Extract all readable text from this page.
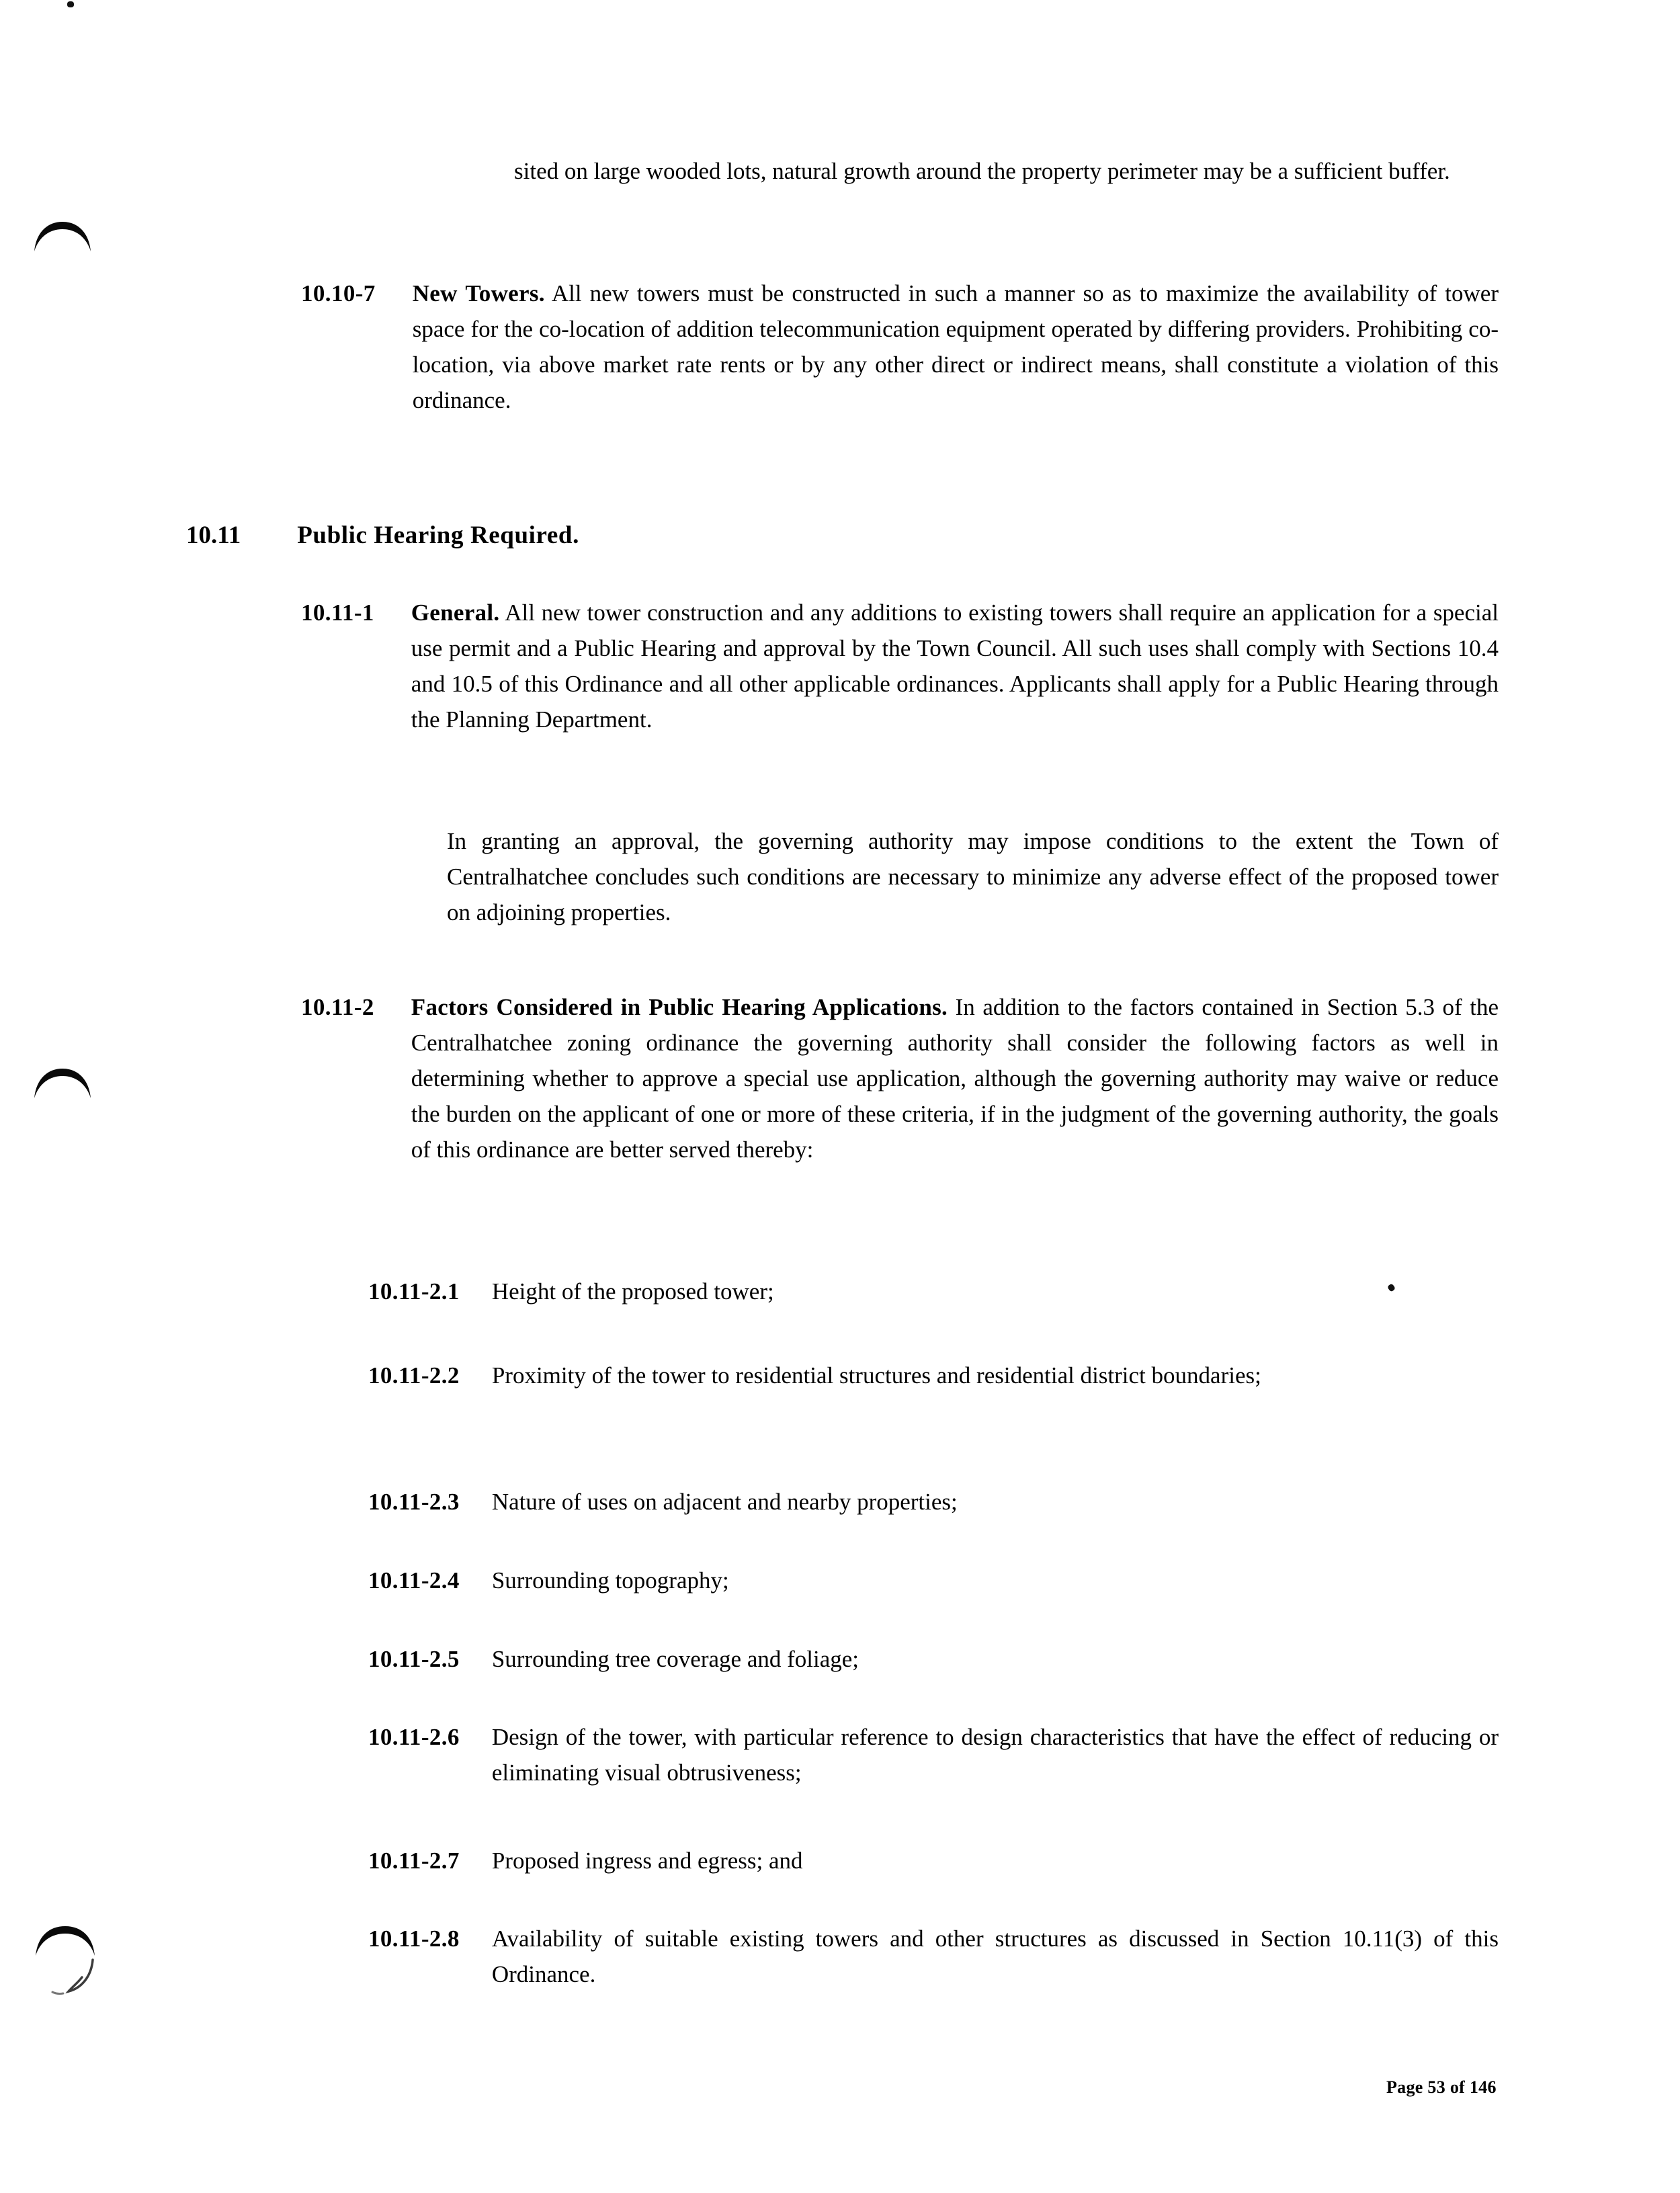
sited on large wooded lots, natural growth around the property perimeter may be a sufficient buffer.
10.10-7 New Towers. All new towers must be constructed in such a manner so as to maximize the availability of tower space for the co-location of addition telecommunication equipment operated by differing providers. Prohibiting co-location, via above market rate rents or by any other direct or indirect means, shall constitute a violation of this ordinance.
10.11 Public Hearing Required.
10.11-1 General. All new tower construction and any additions to existing towers shall require an application for a special use permit and a Public Hearing and approval by the Town Council. All such uses shall comply with Sections 10.4 and 10.5 of this Ordinance and all other applicable ordinances. Applicants shall apply for a Public Hearing through the Planning Department.
In granting an approval, the governing authority may impose conditions to the extent the Town of Centralhatchee concludes such conditions are necessary to minimize any adverse effect of the proposed tower on adjoining properties.
10.11-2 Factors Considered in Public Hearing Applications. In addition to the factors contained in Section 5.3 of the Centralhatchee zoning ordinance the governing authority shall consider the following factors as well in determining whether to approve a special use application, although the governing authority may waive or reduce the burden on the applicant of one or more of these criteria, if in the judgment of the governing authority, the goals of this ordinance are better served thereby:
10.11-2.1 Height of the proposed tower;
10.11-2.2 Proximity of the tower to residential structures and residential district boundaries;
10.11-2.3 Nature of uses on adjacent and nearby properties;
10.11-2.4 Surrounding topography;
10.11-2.5 Surrounding tree coverage and foliage;
10.11-2.6 Design of the tower, with particular reference to design characteristics that have the effect of reducing or eliminating visual obtrusiveness;
10.11-2.7 Proposed ingress and egress; and
10.11-2.8 Availability of suitable existing towers and other structures as discussed in Section 10.11(3) of this Ordinance.
Page 53 of 146
